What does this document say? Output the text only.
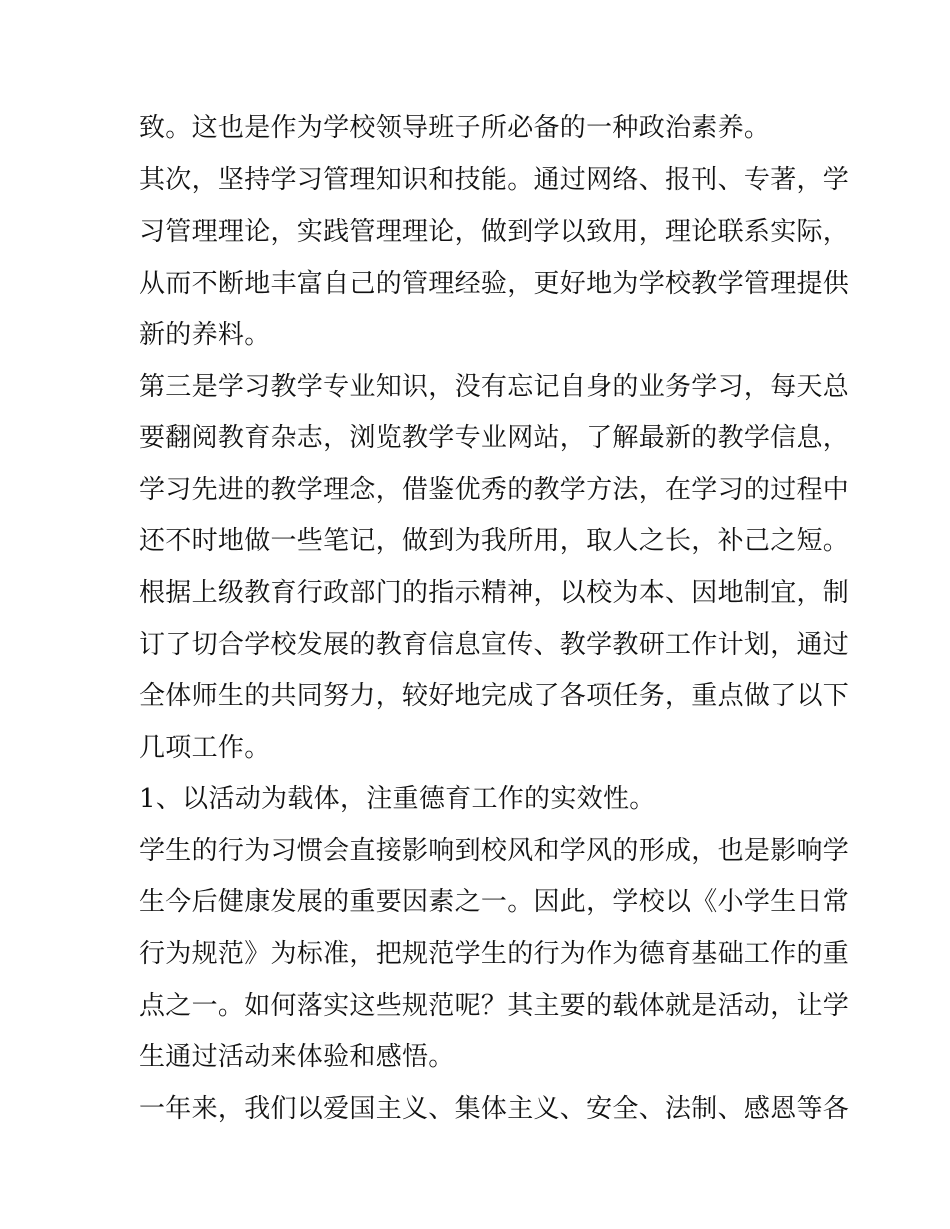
致。这也是作为学校领导班子所必备的一种政治素养。
其次，坚持学习管理知识和技能。通过网络、报刊、专著，学
习管理理论，实践管理理论，做到学以致用，理论联系实际，
从而不断地丰富自己的管理经验，更好地为学校教学管理提供
新的养料。
第三是学习教学专业知识，没有忘记自身的业务学习，每天总
要翻阅教育杂志，浏览教学专业网站，了解最新的教学信息，
学习先进的教学理念，借鉴优秀的教学方法，在学习的过程中
还不时地做一些笔记，做到为我所用，取人之长，补己之短。
根据上级教育行政部门的指示精神，以校为本、因地制宜，制
订了切合学校发展的教育信息宣传、教学教研工作计划，通过
全体师生的共同努力，较好地完成了各项任务，重点做了以下
几项工作。
1、以活动为载体，注重德育工作的实效性。
学生的行为习惯会直接影响到校风和学风的形成，也是影响学
生今后健康发展的重要因素之一。因此，学校以《小学生日常
行为规范》为标准，把规范学生的行为作为德育基础工作的重
点之一。如何落实这些规范呢？其主要的载体就是活动，让学
生通过活动来体验和感悟。
一年来，我们以爱国主义、集体主义、安全、法制、感恩等各
